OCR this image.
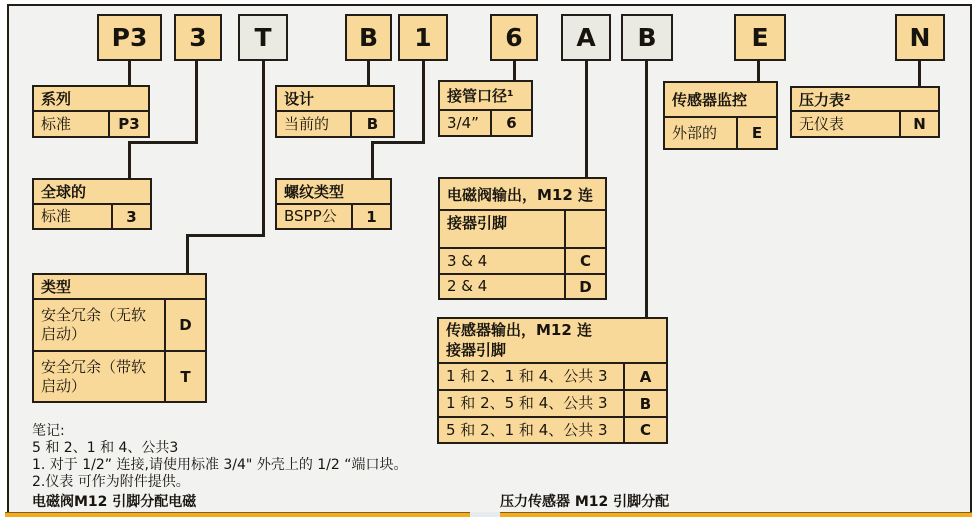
P3	3	T	B	1	6	A	B	E	N
系列
标准	P3
设计
当前的	B
接管口径¹
3/4”	6
传感器监控
外部的	E
压力表²
无仪表	N
全球的
标准	3
螺纹类型
BSPP公	1
电磁阀输出，M12 连
接器引脚
3 & 4	C
2 & 4	D
传感器输出，M12 连
接器引脚
1 和 2、1 和 4、公共 3	A
1 和 2、5 和 4、公共 3	B
5 和 2、1 和 4、公共 3	C
类型
安全冗余（无软启动）	D
安全冗余（带软启动）	T
笔记:
5 和 2、1 和 4、公共3
1. 对于 1/2” 连接,请使用标准 3/4" 外壳上的 1/2 “端口块。
2.仪表 可作为附件提供。
电磁阀M12 引脚分配电磁	压力传感器 M12 引脚分配
